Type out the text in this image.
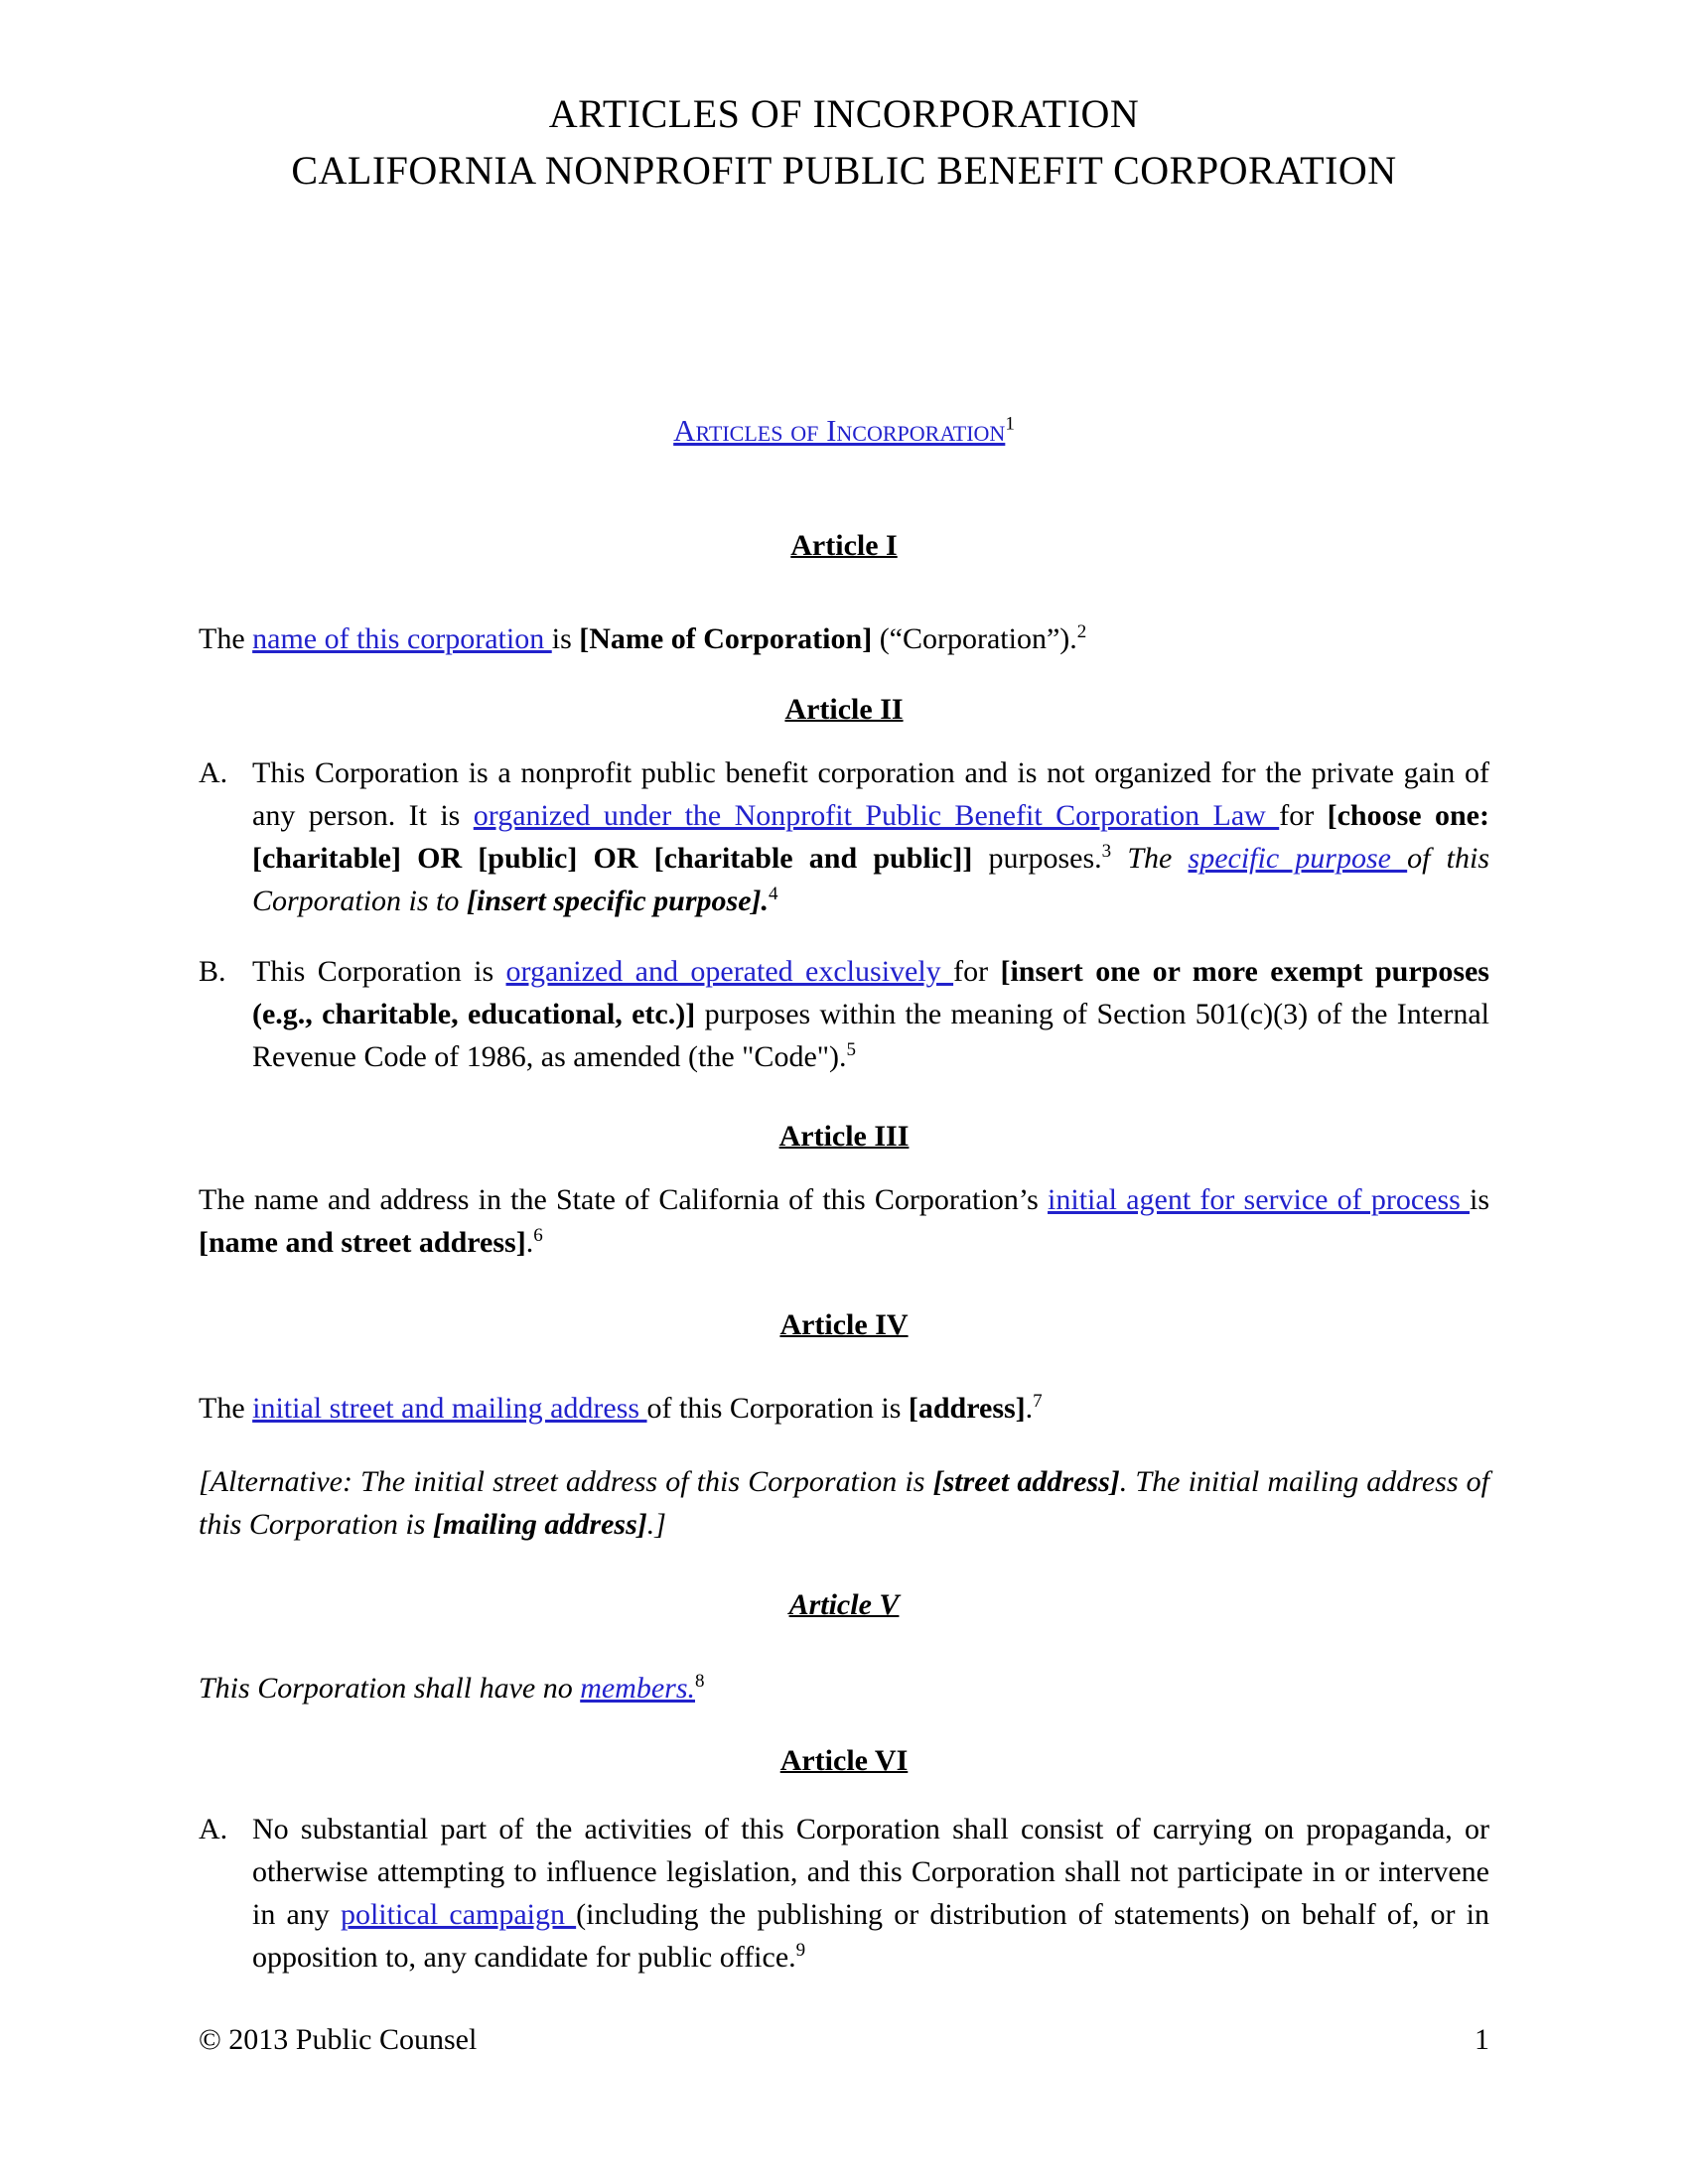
ARTICLES OF INCORPORATION
CALIFORNIA NONPROFIT PUBLIC BENEFIT CORPORATION
Articles of Incorporation$^1$
Article I
The name of this corporation is [Name of Corporation] (“Corporation”).$^2$
Article II
A. This Corporation is a nonprofit public benefit corporation and is not organized for the private gain of any person. It is organized under the Nonprofit Public Benefit Corporation Law for [choose one: [charitable] OR [public] OR [charitable and public]] purposes.$^3$ The specific purpose of this Corporation is to [insert specific purpose].$^4$
B. This Corporation is organized and operated exclusively for [insert one or more exempt purposes (e.g., charitable, educational, etc.)] purposes within the meaning of Section 501(c)(3) of the Internal Revenue Code of 1986, as amended (the "Code").$^5$
Article III
The name and address in the State of California of this Corporation’s initial agent for service of process is [name and street address].$^6$
Article IV
The initial street and mailing address of this Corporation is [address].$^7$
[Alternative: The initial street address of this Corporation is [street address]. The initial mailing address of this Corporation is [mailing address].]
Article V
This Corporation shall have no members.$^8$
Article VI
A. No substantial part of the activities of this Corporation shall consist of carrying on propaganda, or otherwise attempting to influence legislation, and this Corporation shall not participate in or intervene in any political campaign (including the publishing or distribution of statements) on behalf of, or in opposition to, any candidate for public office.$^9$
© 2013 Public Counsel	1
